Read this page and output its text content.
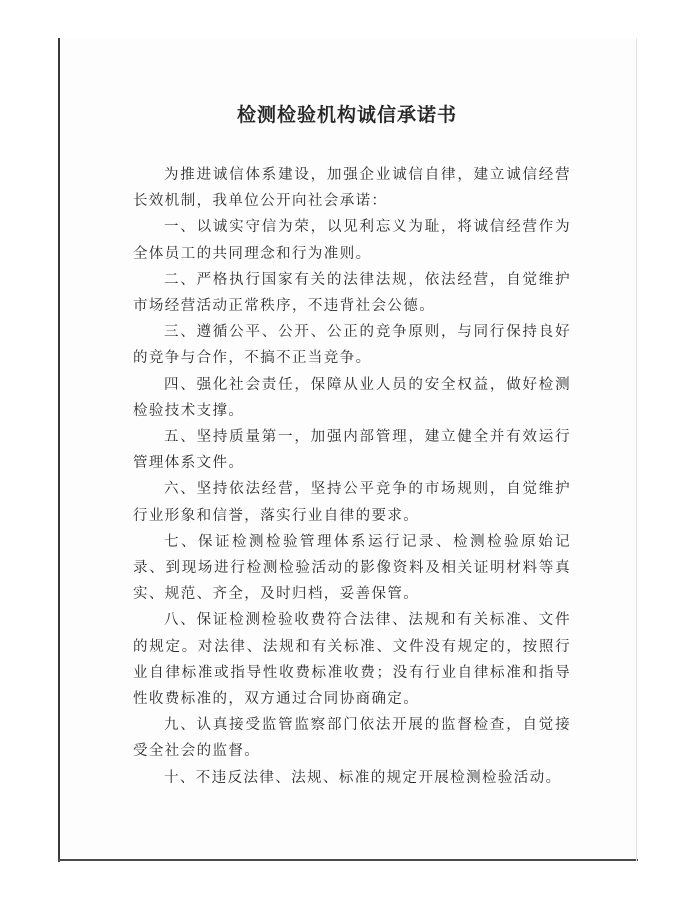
检测检验机构诚信承诺书

为推进诚信体系建设，加强企业诚信自律，建立诚信经营长效机制，我单位公开向社会承诺：

一、以诚实守信为荣，以见利忘义为耻，将诚信经营作为全体员工的共同理念和行为准则。

二、严格执行国家有关的法律法规，依法经营，自觉维护市场经营活动正常秩序，不违背社会公德。

三、遵循公平、公开、公正的竞争原则，与同行保持良好的竞争与合作，不搞不正当竞争。

四、强化社会责任，保障从业人员的安全权益，做好检测检验技术支撑。

五、坚持质量第一，加强内部管理，建立健全并有效运行管理体系文件。

六、坚持依法经营，坚持公平竞争的市场规则，自觉维护行业形象和信誉，落实行业自律的要求。

七、保证检测检验管理体系运行记录、检测检验原始记录、到现场进行检测检验活动的影像资料及相关证明材料等真实、规范、齐全，及时归档，妥善保管。

八、保证检测检验收费符合法律、法规和有关标准、文件的规定。对法律、法规和有关标准、文件没有规定的，按照行业自律标准或指导性收费标准收费；没有行业自律标准和指导性收费标准的，双方通过合同协商确定。

九、认真接受监管监察部门依法开展的监督检查，自觉接受全社会的监督。

十、不违反法律、法规、标准的规定开展检测检验活动。
